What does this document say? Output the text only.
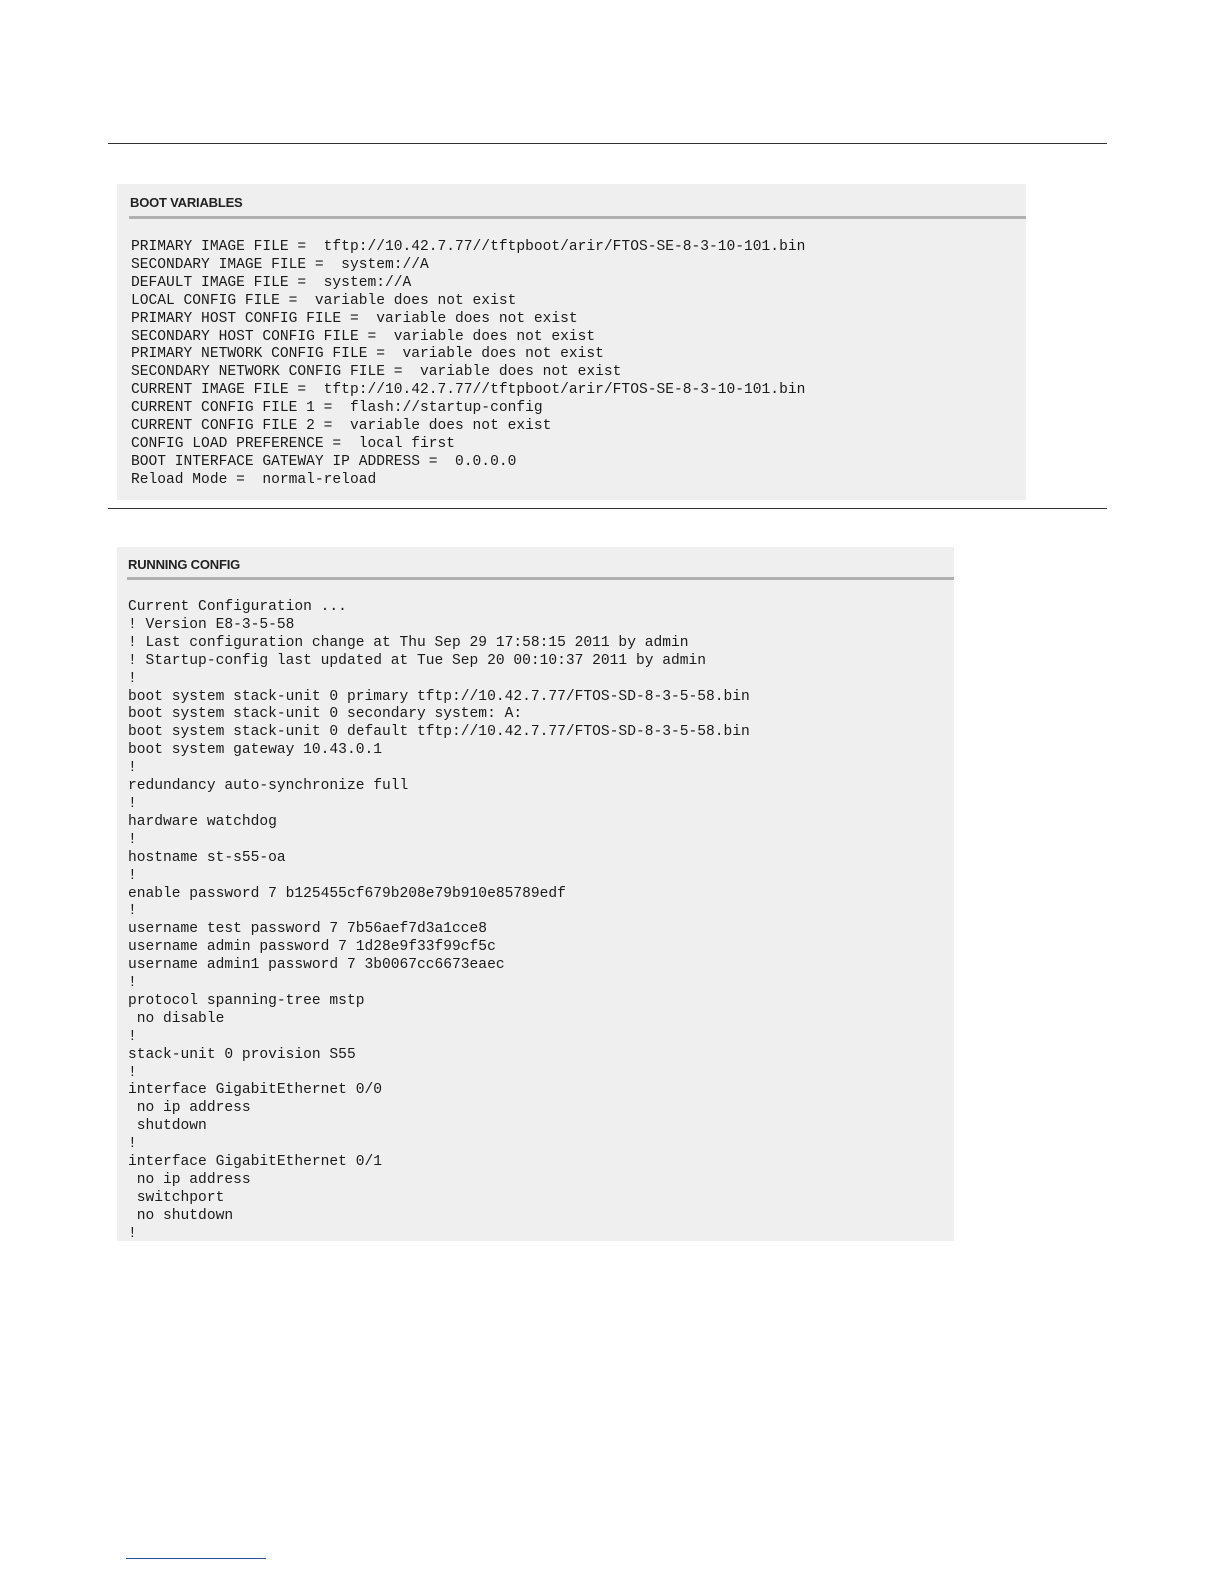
BOOT VARIABLES
PRIMARY IMAGE FILE =  tftp://10.42.7.77//tftpboot/arir/FTOS-SE-8-3-10-101.bin
SECONDARY IMAGE FILE =  system://A
DEFAULT IMAGE FILE =  system://A
LOCAL CONFIG FILE =  variable does not exist
PRIMARY HOST CONFIG FILE =  variable does not exist
SECONDARY HOST CONFIG FILE =  variable does not exist
PRIMARY NETWORK CONFIG FILE =  variable does not exist
SECONDARY NETWORK CONFIG FILE =  variable does not exist
CURRENT IMAGE FILE =  tftp://10.42.7.77//tftpboot/arir/FTOS-SE-8-3-10-101.bin
CURRENT CONFIG FILE 1 =  flash://startup-config
CURRENT CONFIG FILE 2 =  variable does not exist
CONFIG LOAD PREFERENCE =  local first
BOOT INTERFACE GATEWAY IP ADDRESS =  0.0.0.0
Reload Mode =  normal-reload
RUNNING CONFIG
Current Configuration ...
! Version E8-3-5-58
! Last configuration change at Thu Sep 29 17:58:15 2011 by admin
! Startup-config last updated at Tue Sep 20 00:10:37 2011 by admin
!
boot system stack-unit 0 primary tftp://10.42.7.77/FTOS-SD-8-3-5-58.bin
boot system stack-unit 0 secondary system: A:
boot system stack-unit 0 default tftp://10.42.7.77/FTOS-SD-8-3-5-58.bin
boot system gateway 10.43.0.1
!
redundancy auto-synchronize full
!
hardware watchdog
!
hostname st-s55-oa
!
enable password 7 b125455cf679b208e79b910e85789edf
!
username test password 7 7b56aef7d3a1cce8
username admin password 7 1d28e9f33f99cf5c
username admin1 password 7 3b0067cc6673eaec
!
protocol spanning-tree mstp
no disable
!
stack-unit 0 provision S55
!
interface GigabitEthernet 0/0
no ip address
shutdown
!
interface GigabitEthernet 0/1
no ip address
switchport
no shutdown
!
